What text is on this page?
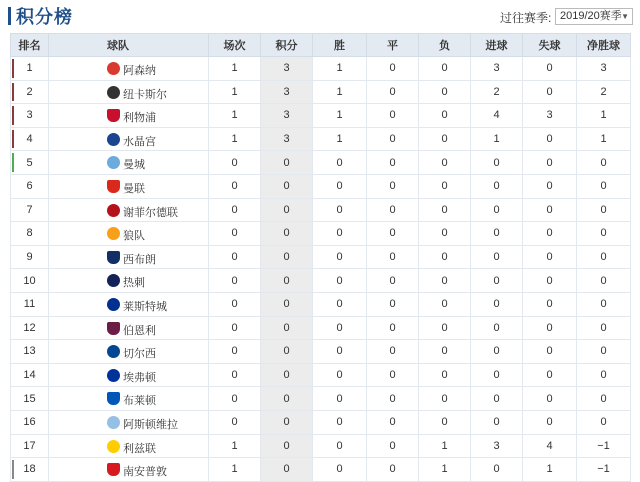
积分榜	过往赛季: 2019/20赛季 ▼
排名	球队	场次	积分	胜	平	负	进球	失球	净胜球

1	阿森纳	1	3	1	0	0	3	0	3

2	纽卡斯尔	1	3	1	0	0	2	0	2

3	利物浦	1	3	1	0	0	4	3	1

4	水晶宫	1	3	1	0	0	1	0	1

5	曼城	0	0	0	0	0	0	0	0
6	曼联	0	0	0	0	0	0	0	0
7	谢菲尔德联	0	0	0	0	0	0	0	0
8	狼队	0	0	0	0	0	0	0	0
9	西布朗	0	0	0	0	0	0	0	0
10	热刺	0	0	0	0	0	0	0	0
11	莱斯特城	0	0	0	0	0	0	0	0
12	伯恩利	0	0	0	0	0	0	0	0
13	切尔西	0	0	0	0	0	0	0	0
14	埃弗顿	0	0	0	0	0	0	0	0
15	布莱顿	0	0	0	0	0	0	0	0
16	阿斯顿维拉	0	0	0	0	0	0	0	0
17	利兹联	1	0	0	0	1	3	4	−1

18	南安普敦	1	0	0	0	1	0	1	−1
